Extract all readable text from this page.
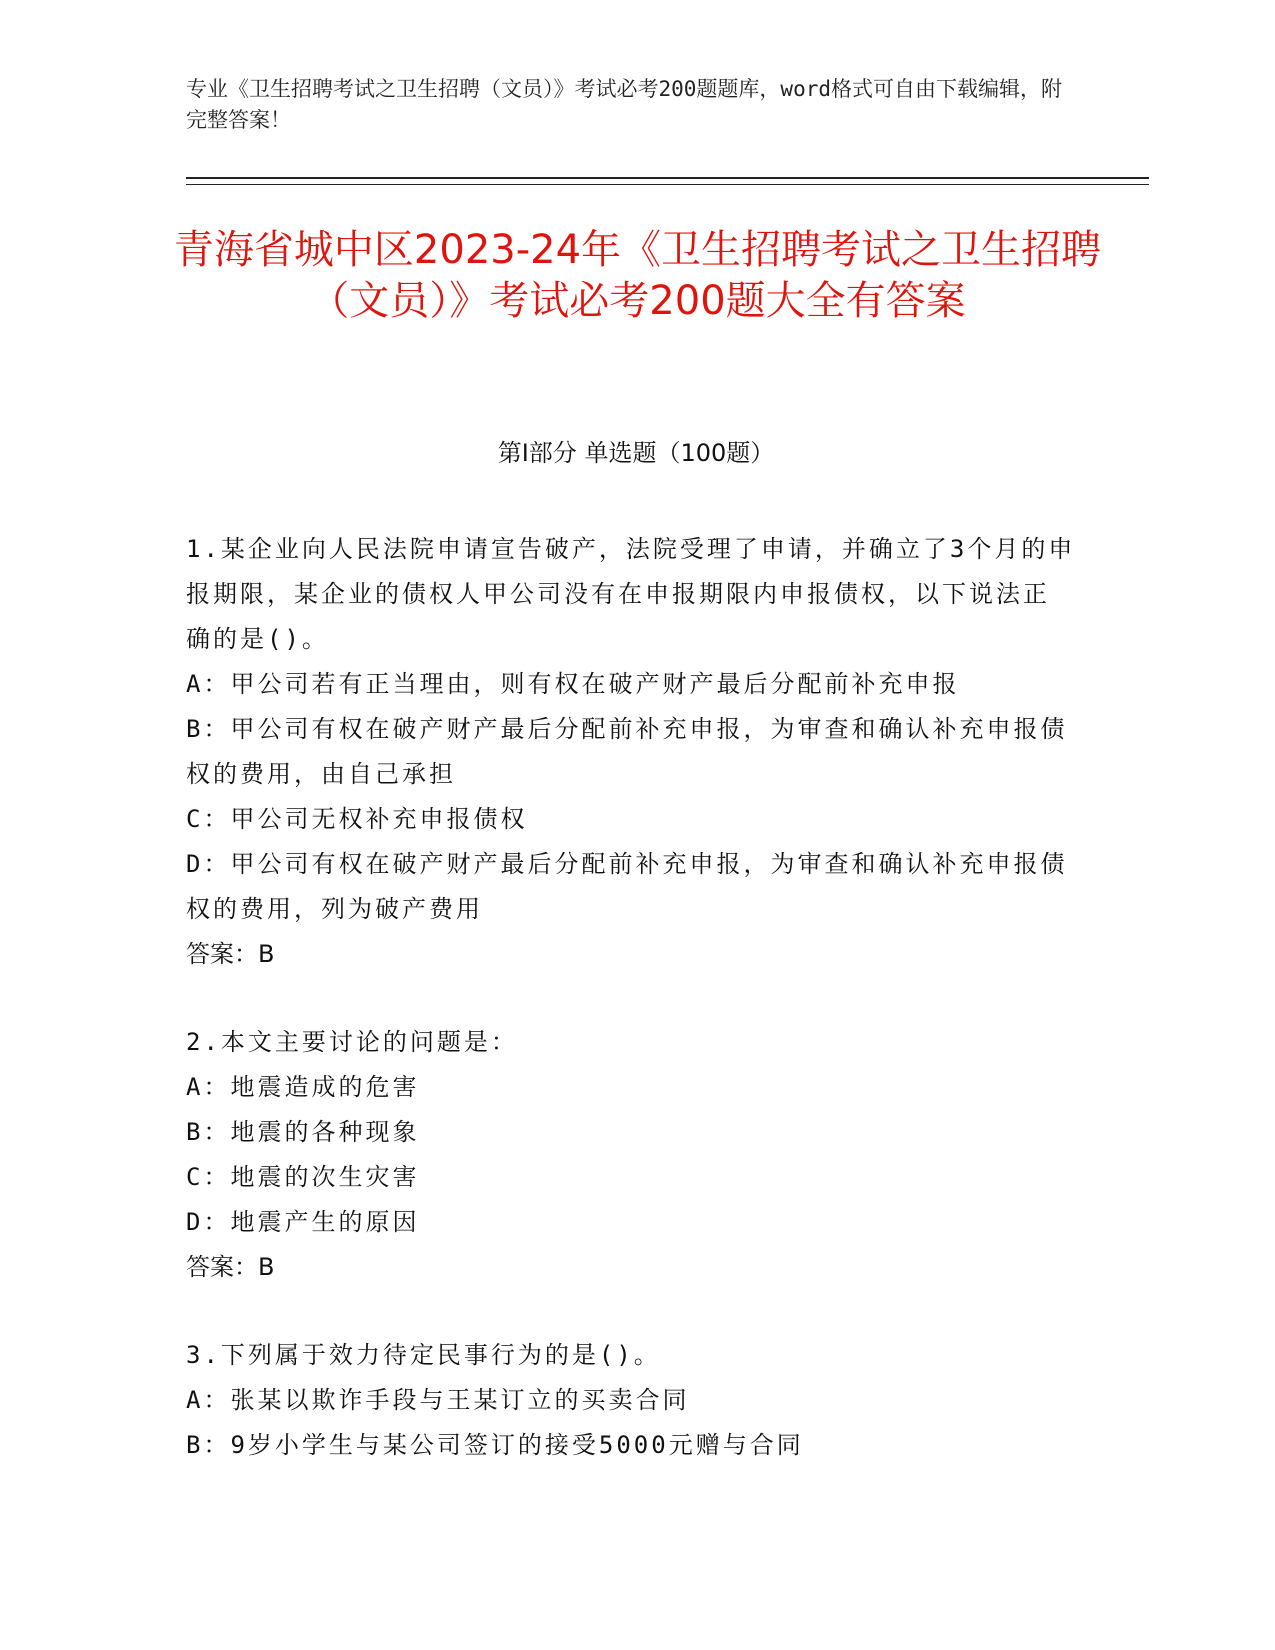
专业《卫生招聘考试之卫生招聘（文员）》考试必考200题题库，word格式可自由下载编辑，附完整答案！
青海省城中区2023-24年《卫生招聘考试之卫生招聘（文员）》考试必考200题大全有答案
第I部分 单选题（100题）

1.某企业向人民法院申请宣告破产，法院受理了申请，并确立了3个月的申报期限，某企业的债权人甲公司没有在申报期限内申报债权，以下说法正确的是()。

A：甲公司若有正当理由，则有权在破产财产最后分配前补充申报

B：甲公司有权在破产财产最后分配前补充申报，为审查和确认补充申报债权的费用，由自己承担

C：甲公司无权补充申报债权

D：甲公司有权在破产财产最后分配前补充申报，为审查和确认补充申报债权的费用，列为破产费用

答案：B

2.本文主要讨论的问题是：

A：地震造成的危害

B：地震的各种现象

C：地震的次生灾害

D：地震产生的原因

答案：B

3.下列属于效力待定民事行为的是()。

A：张某以欺诈手段与王某订立的买卖合同

B：9岁小学生与某公司签订的接受5000元赠与合同
